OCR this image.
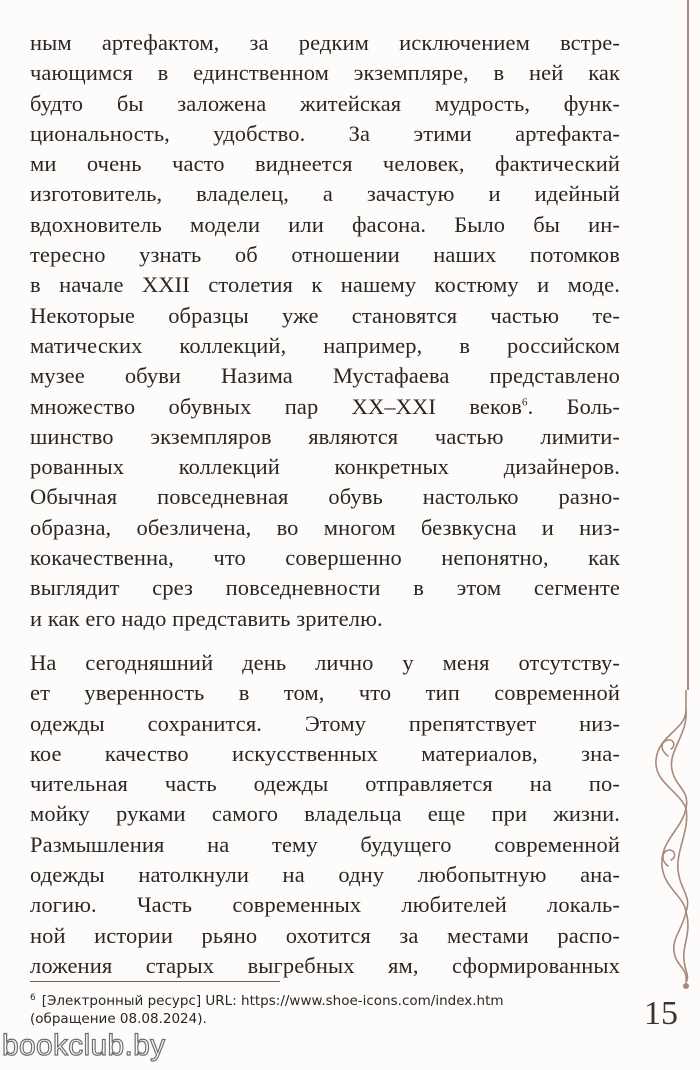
ным артефактом, за редким исключением встре-
чающимся в единственном экземпляре, в ней как
будто бы заложена житейская мудрость, функ-
циональность, удобство. За этими артефакта-
ми очень часто виднеется человек, фактический
изготовитель, владелец, а зачастую и идейный
вдохновитель модели или фасона. Было бы ин-
тересно узнать об отношении наших потомков
в начале XXII столетия к нашему костюму и моде.
Некоторые образцы уже становятся частью те-
матических коллекций, например, в российском
музее обуви Назима Мустафаева представлено
множество обувных пар XX–XXI веков$^6$. Боль-
шинство экземпляров являются частью лимити-
рованных коллекций конкретных дизайнеров.
Обычная повседневная обувь настолько разно-
образна, обезличена, во многом безвкусна и низ-
кокачественна, что совершенно непонятно, как
выглядит срез повседневности в этом сегменте
и как его надо представить зрителю.
На сегодняшний день лично у меня отсутству-
ет уверенность в том, что тип современной
одежды сохранится. Этому препятствует низ-
кое качество искусственных материалов, зна-
чительная часть одежды отправляется на по-
мойку руками самого владельца еще при жизни.
Размышления на тему будущего современной
одежды натолкнули на одну любопытную ана-
логию. Часть современных любителей локаль-
ной истории рьяно охотится за местами распо-
ложения старых выгребных ям, сформированных
$^6$ [Электронный ресурс] URL: https://www.shoe-icons.com/index.htm
(обращение 08.08.2024).	15
bookclub.by
